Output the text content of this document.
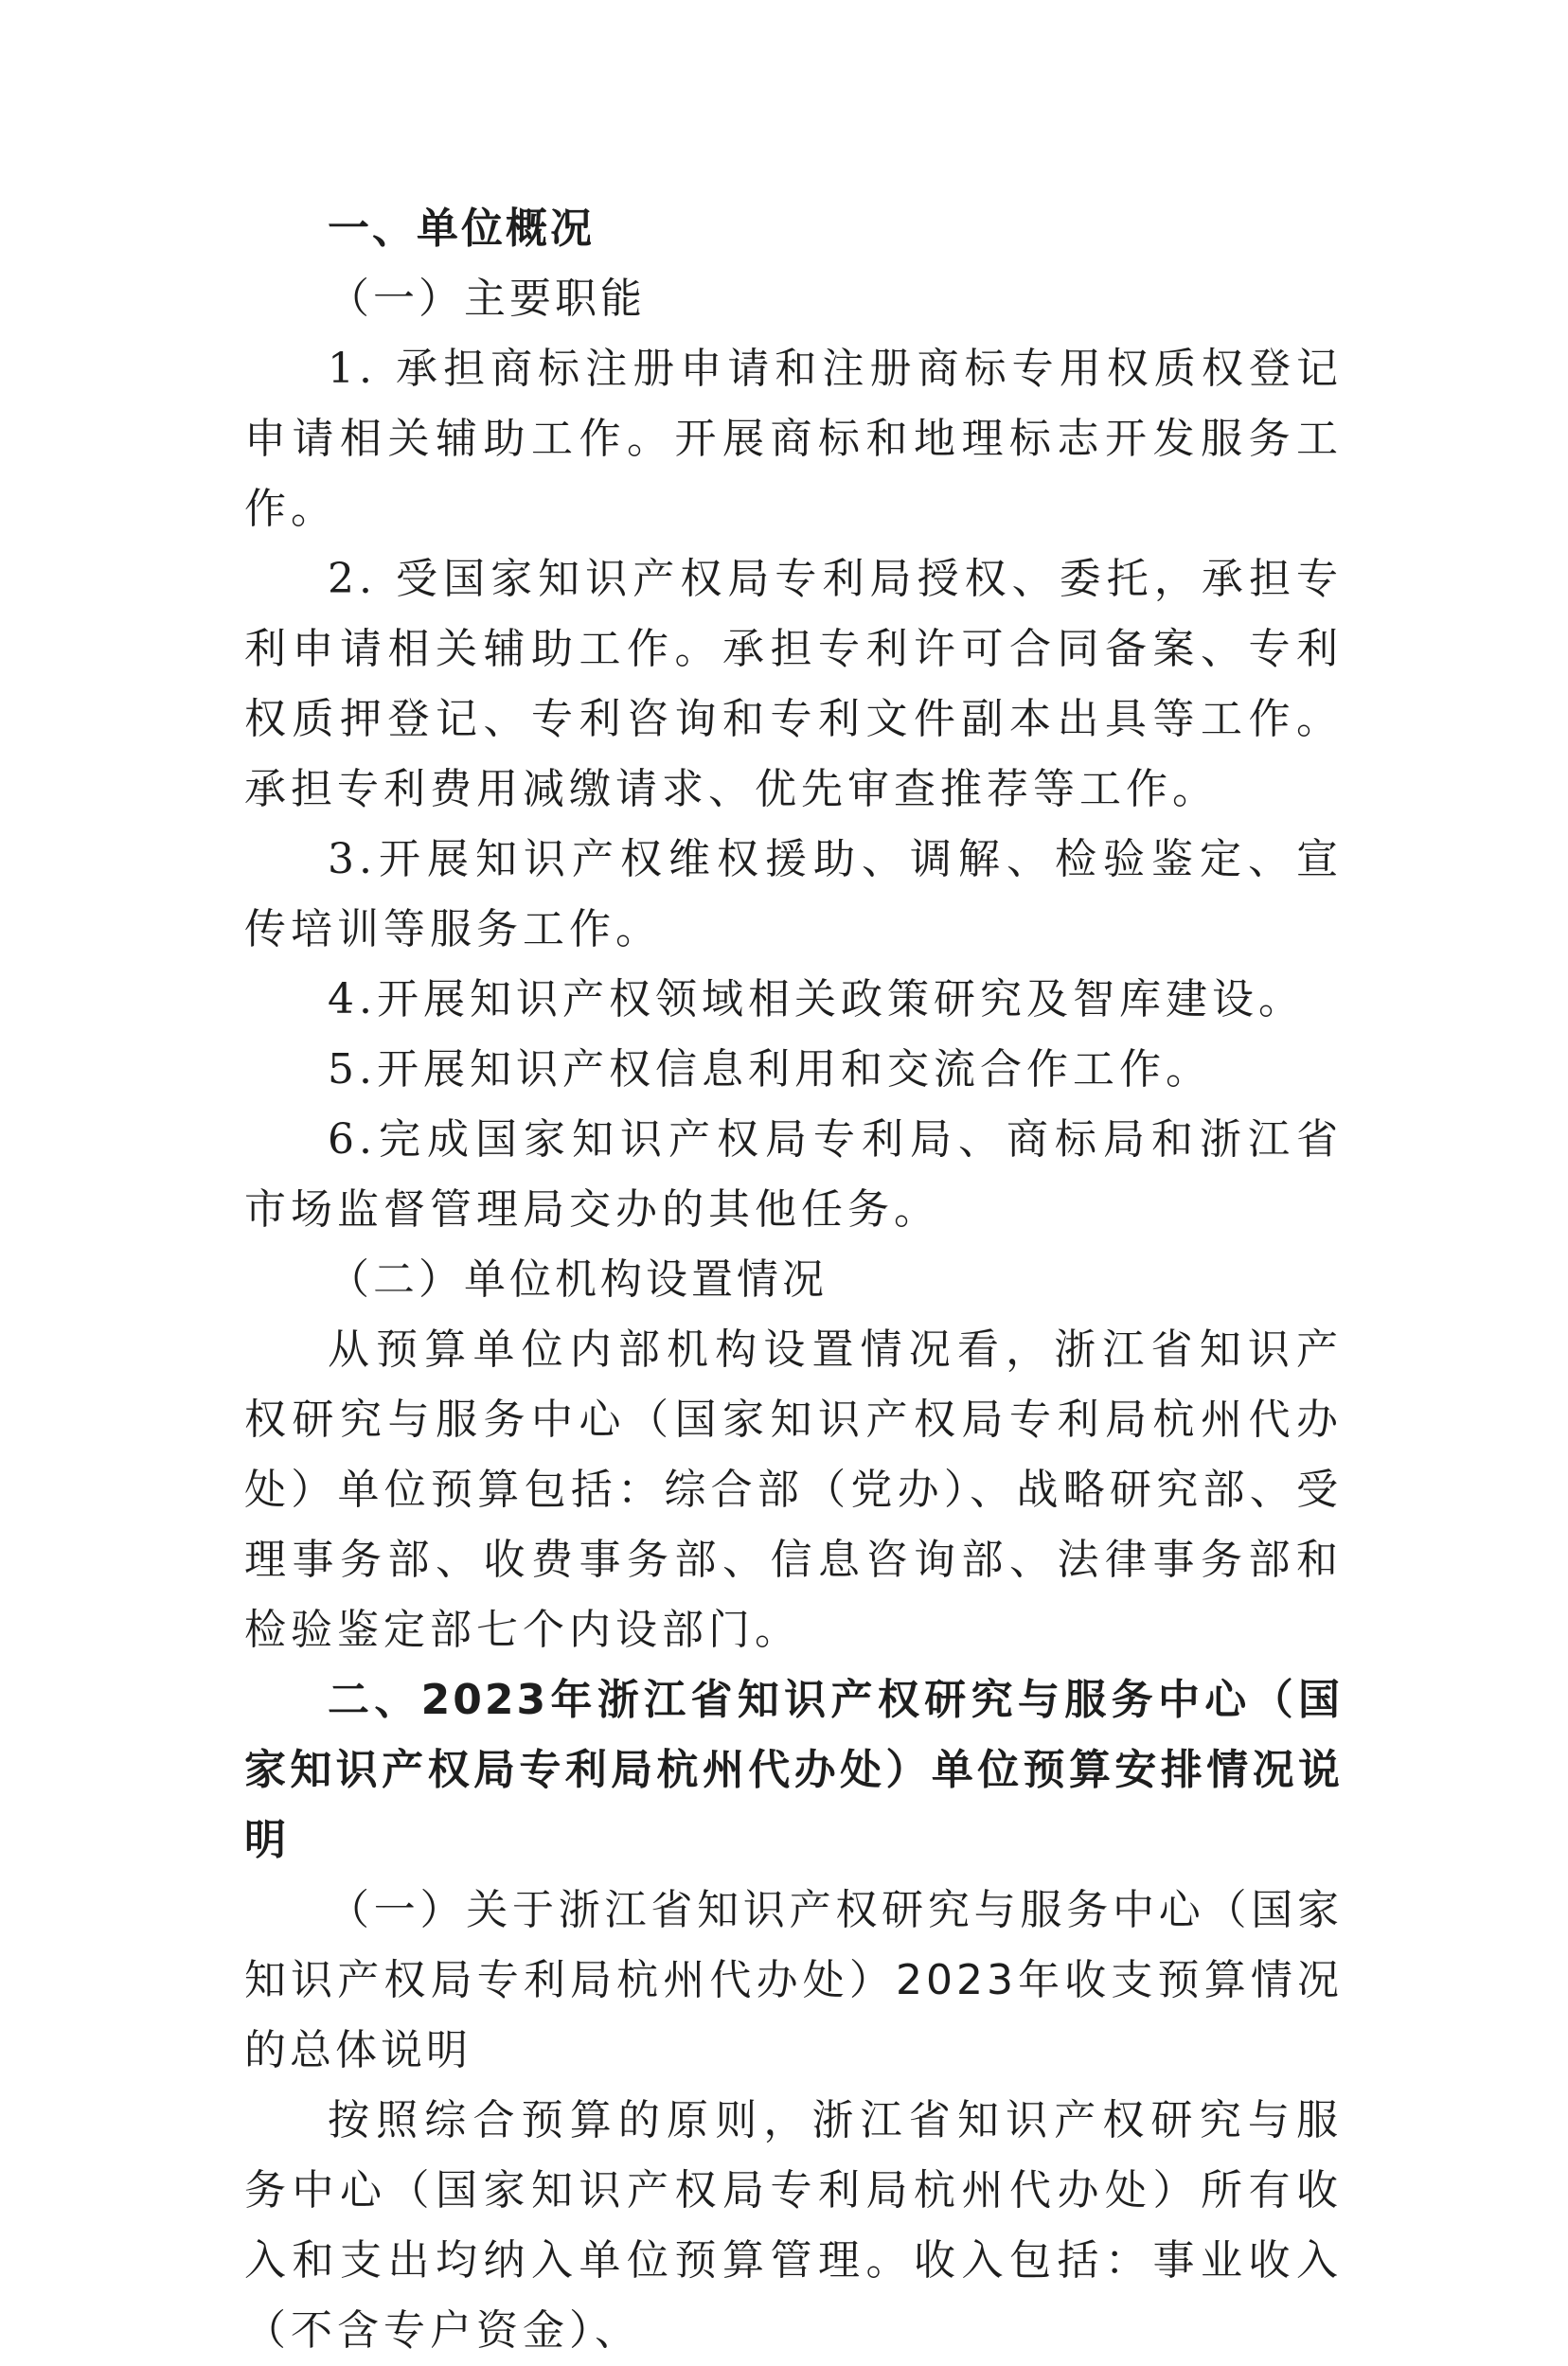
一、单位概况

（一）主要职能

1. 承担商标注册申请和注册商标专用权质权登记申请相关辅助工作。开展商标和地理标志开发服务工作。

2. 受国家知识产权局专利局授权、委托，承担专利申请相关辅助工作。承担专利许可合同备案、专利权质押登记、专利咨询和专利文件副本出具等工作。承担专利费用减缴请求、优先审查推荐等工作。

3.开展知识产权维权援助、调解、检验鉴定、宣传培训等服务工作。

4.开展知识产权领域相关政策研究及智库建设。

5.开展知识产权信息利用和交流合作工作。

6.完成国家知识产权局专利局、商标局和浙江省市场监督管理局交办的其他任务。

（二）单位机构设置情况

从预算单位内部机构设置情况看，浙江省知识产权研究与服务中心（国家知识产权局专利局杭州代办处）单位预算包括：综合部（党办）、战略研究部、受理事务部、收费事务部、信息咨询部、法律事务部和检验鉴定部七个内设部门。

二、2023年浙江省知识产权研究与服务中心（国家知识产权局专利局杭州代办处）单位预算安排情况说明

（一）关于浙江省知识产权研究与服务中心（国家知识产权局专利局杭州代办处）2023年收支预算情况的总体说明

按照综合预算的原则，浙江省知识产权研究与服务中心（国家知识产权局专利局杭州代办处）所有收入和支出均纳入单位预算管理。收入包括：事业收入（不含专户资金）、
